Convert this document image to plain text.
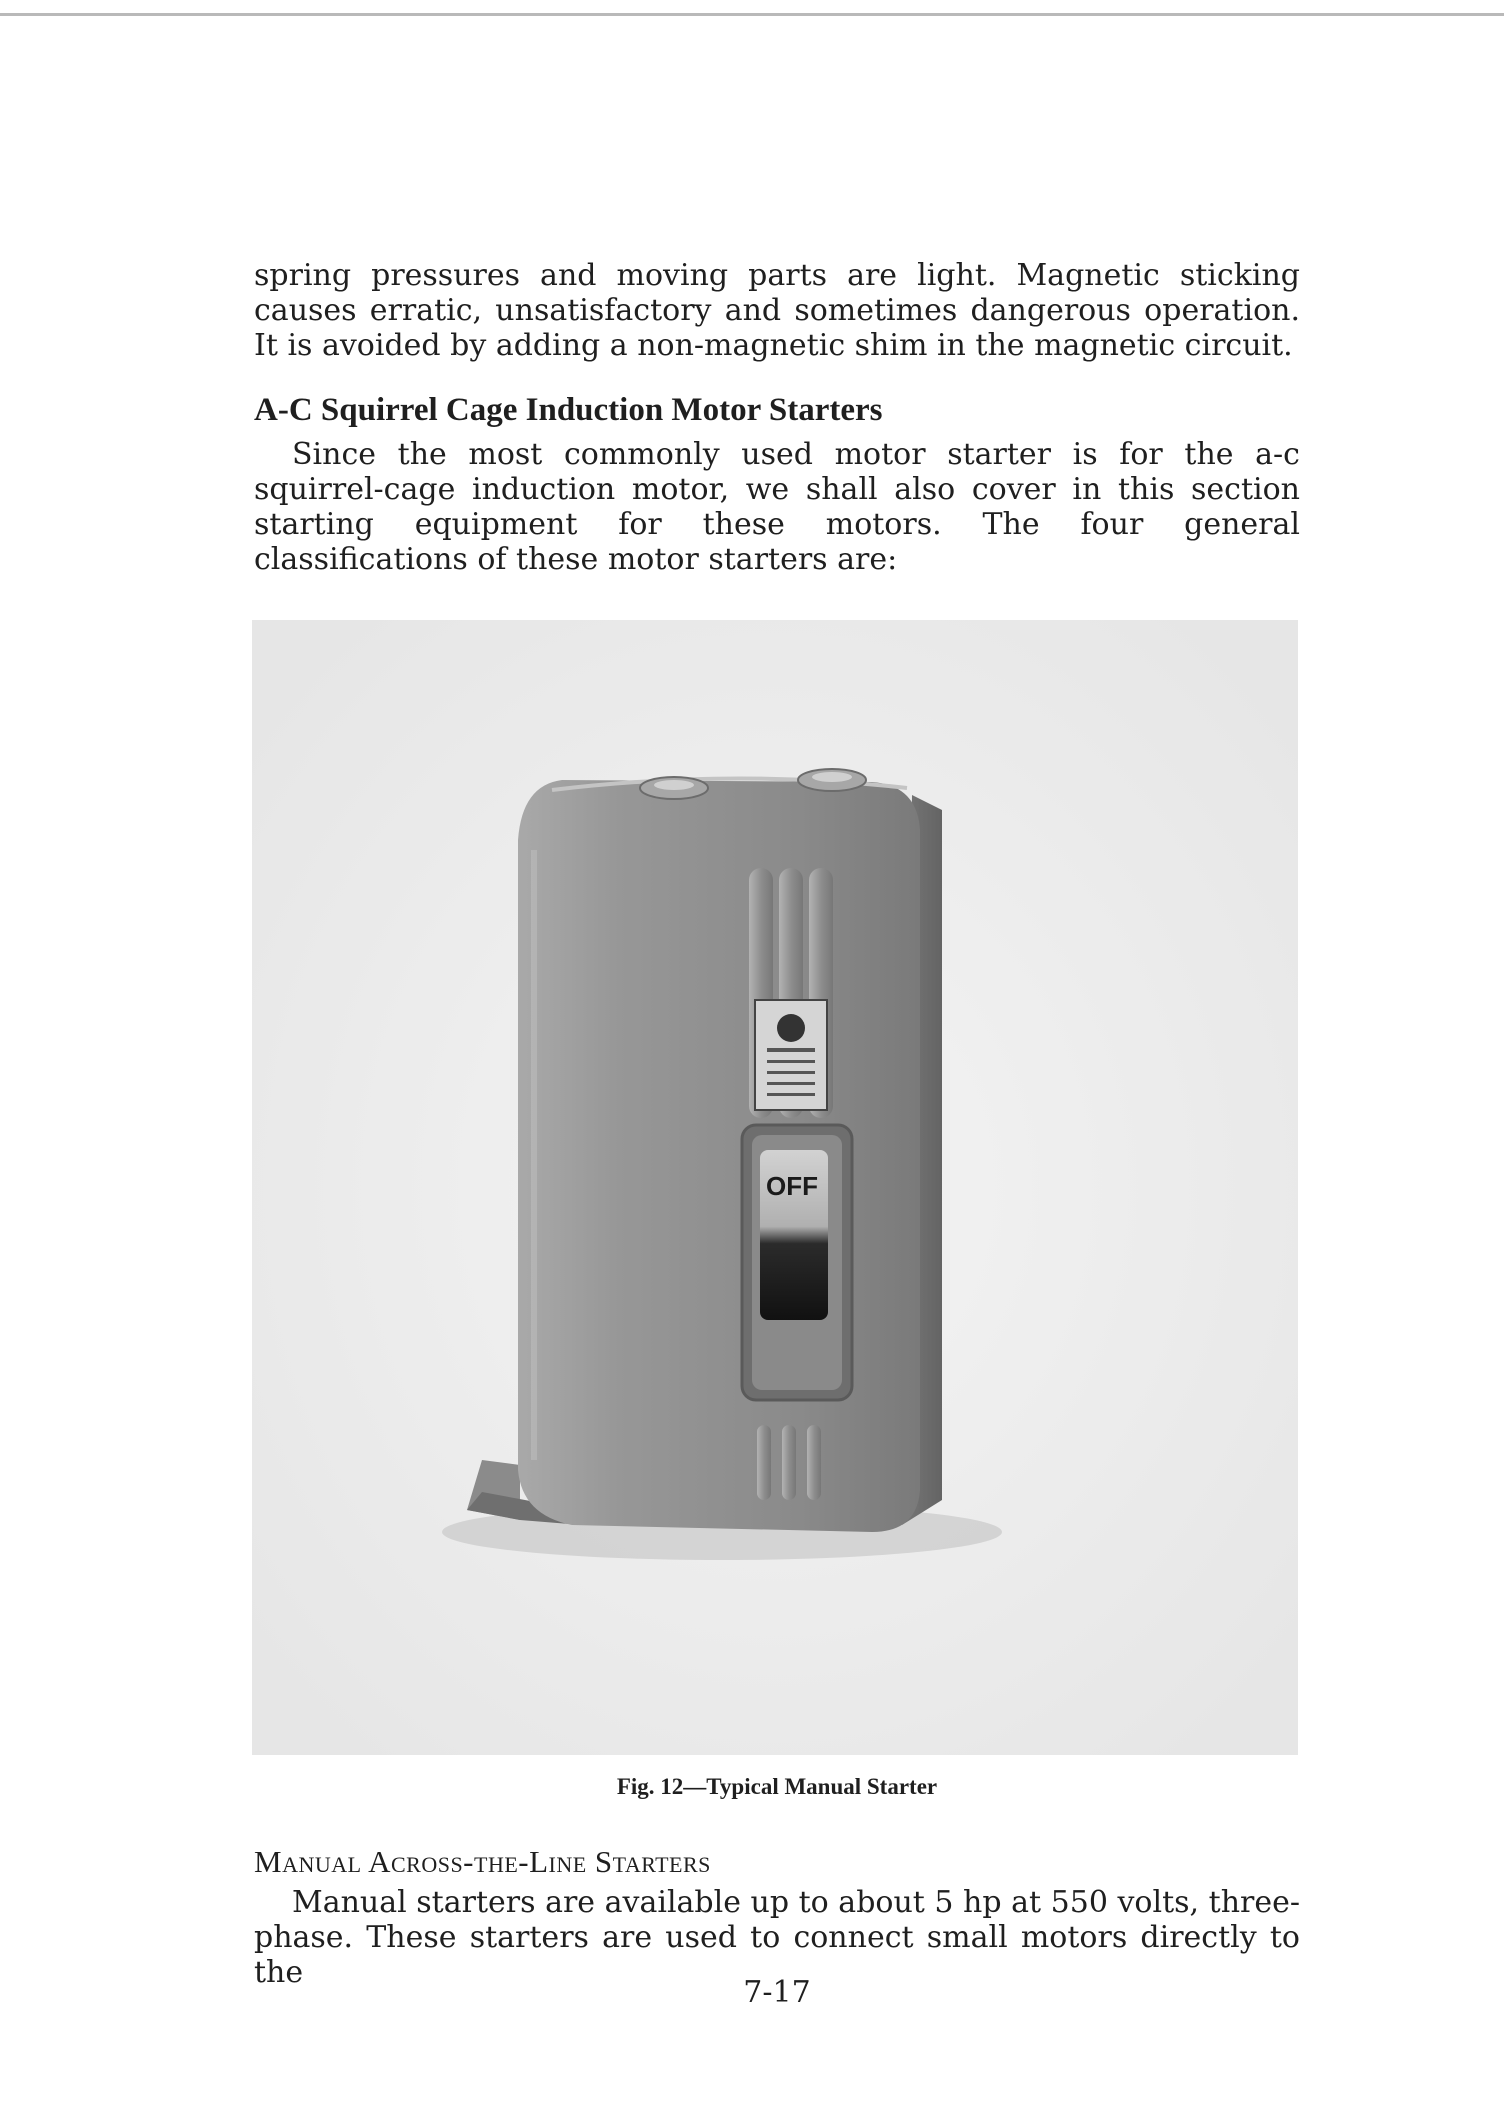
spring pressures and moving parts are light. Magnetic sticking causes erratic, unsatisfactory and sometimes dangerous operation. It is avoided by adding a non-magnetic shim in the magnetic circuit.

A-C Squirrel Cage Induction Motor Starters

Since the most commonly used motor starter is for the a-c squirrel-cage induction motor, we shall also cover in this section starting equipment for these motors. The four general classifications of these motor starters are:

OFF
Fig. 12—Typical Manual Starter
Manual Across-the-Line Starters

Manual starters are available up to about 5 hp at 550 volts, three-phase. These starters are used to connect small motors directly to the

7-17
